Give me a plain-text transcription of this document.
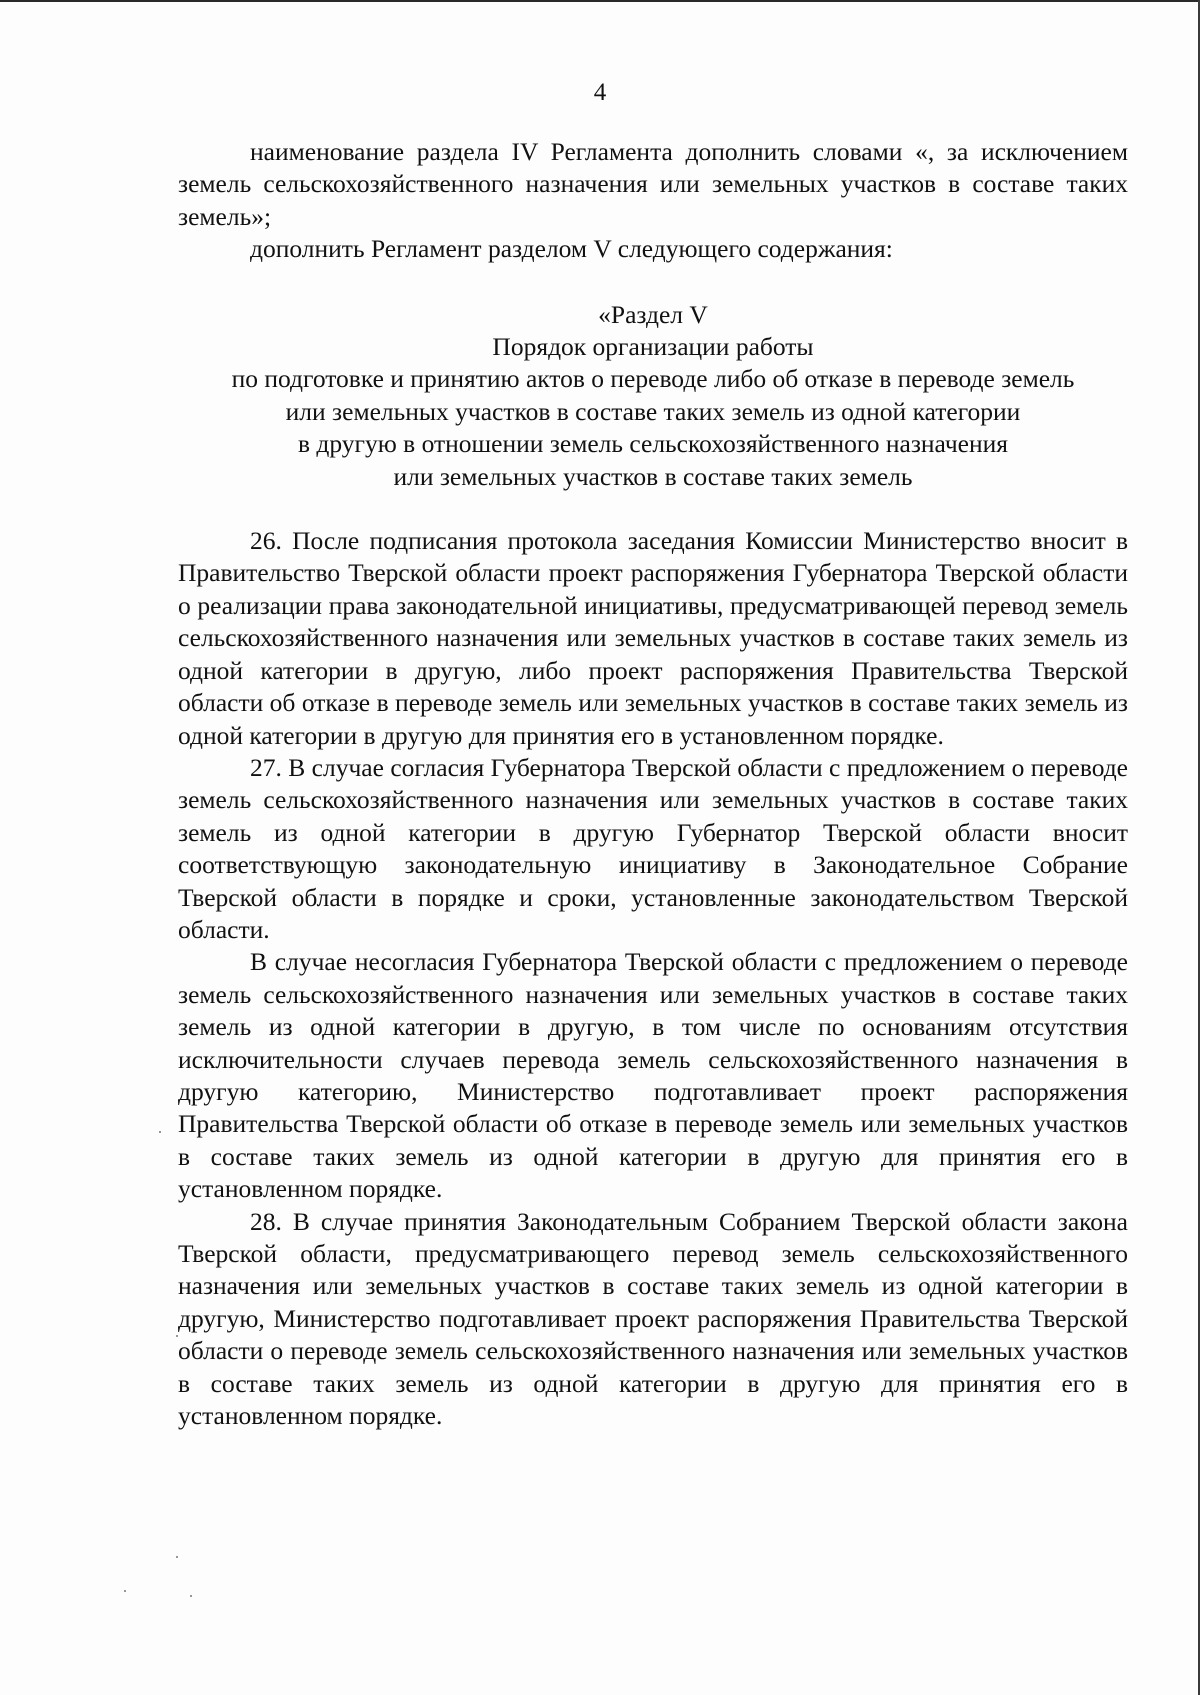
4

наименование раздела IV Регламента дополнить словами «, за исключением земель сельскохозяйственного назначения или земельных участков в составе таких земель»;

дополнить Регламент разделом V следующего содержания:

«Раздел V

Порядок организации работы

по подготовке и принятию актов о переводе либо об отказе в переводе земель

или земельных участков в составе таких земель из одной категории

в другую в отношении земель сельскохозяйственного назначения

или земельных участков в составе таких земель

26. После подписания протокола заседания Комиссии Министерство вносит в Правительство Тверской области проект распоряжения Губернатора Тверской области о реализации права законодательной инициативы, предусматривающей перевод земель сельскохозяйственного назначения или земельных участков в составе таких земель из одной категории в другую, либо проект распоряжения Правительства Тверской области об отказе в переводе земель или земельных участков в составе таких земель из одной категории в другую для принятия его в установленном порядке.

27. В случае согласия Губернатора Тверской области с предложением о переводе земель сельскохозяйственного назначения или земельных участков в составе таких земель из одной категории в другую Губернатор Тверской области вносит соответствующую законодательную инициативу в Законодательное Собрание Тверской области в порядке и сроки, установленные законодательством Тверской области.

В случае несогласия Губернатора Тверской области с предложением о переводе земель сельскохозяйственного назначения или земельных участков в составе таких земель из одной категории в другую, в том числе по основаниям отсутствия исключительности случаев перевода земель сельскохозяйственного назначения в другую категорию, Министерство подготавливает проект распоряжения Правительства Тверской области об отказе в переводе земель или земельных участков в составе таких земель из одной категории в другую для принятия его в установленном порядке.

28. В случае принятия Законодательным Собранием Тверской области закона Тверской области, предусматривающего перевод земель сельскохозяйственного назначения или земельных участков в составе таких земель из одной категории в другую, Министерство подготавливает проект распоряжения Правительства Тверской области о переводе земель сельскохозяйственного назначения или земельных участков в составе таких земель из одной категории в другую для принятия его в установленном порядке.
